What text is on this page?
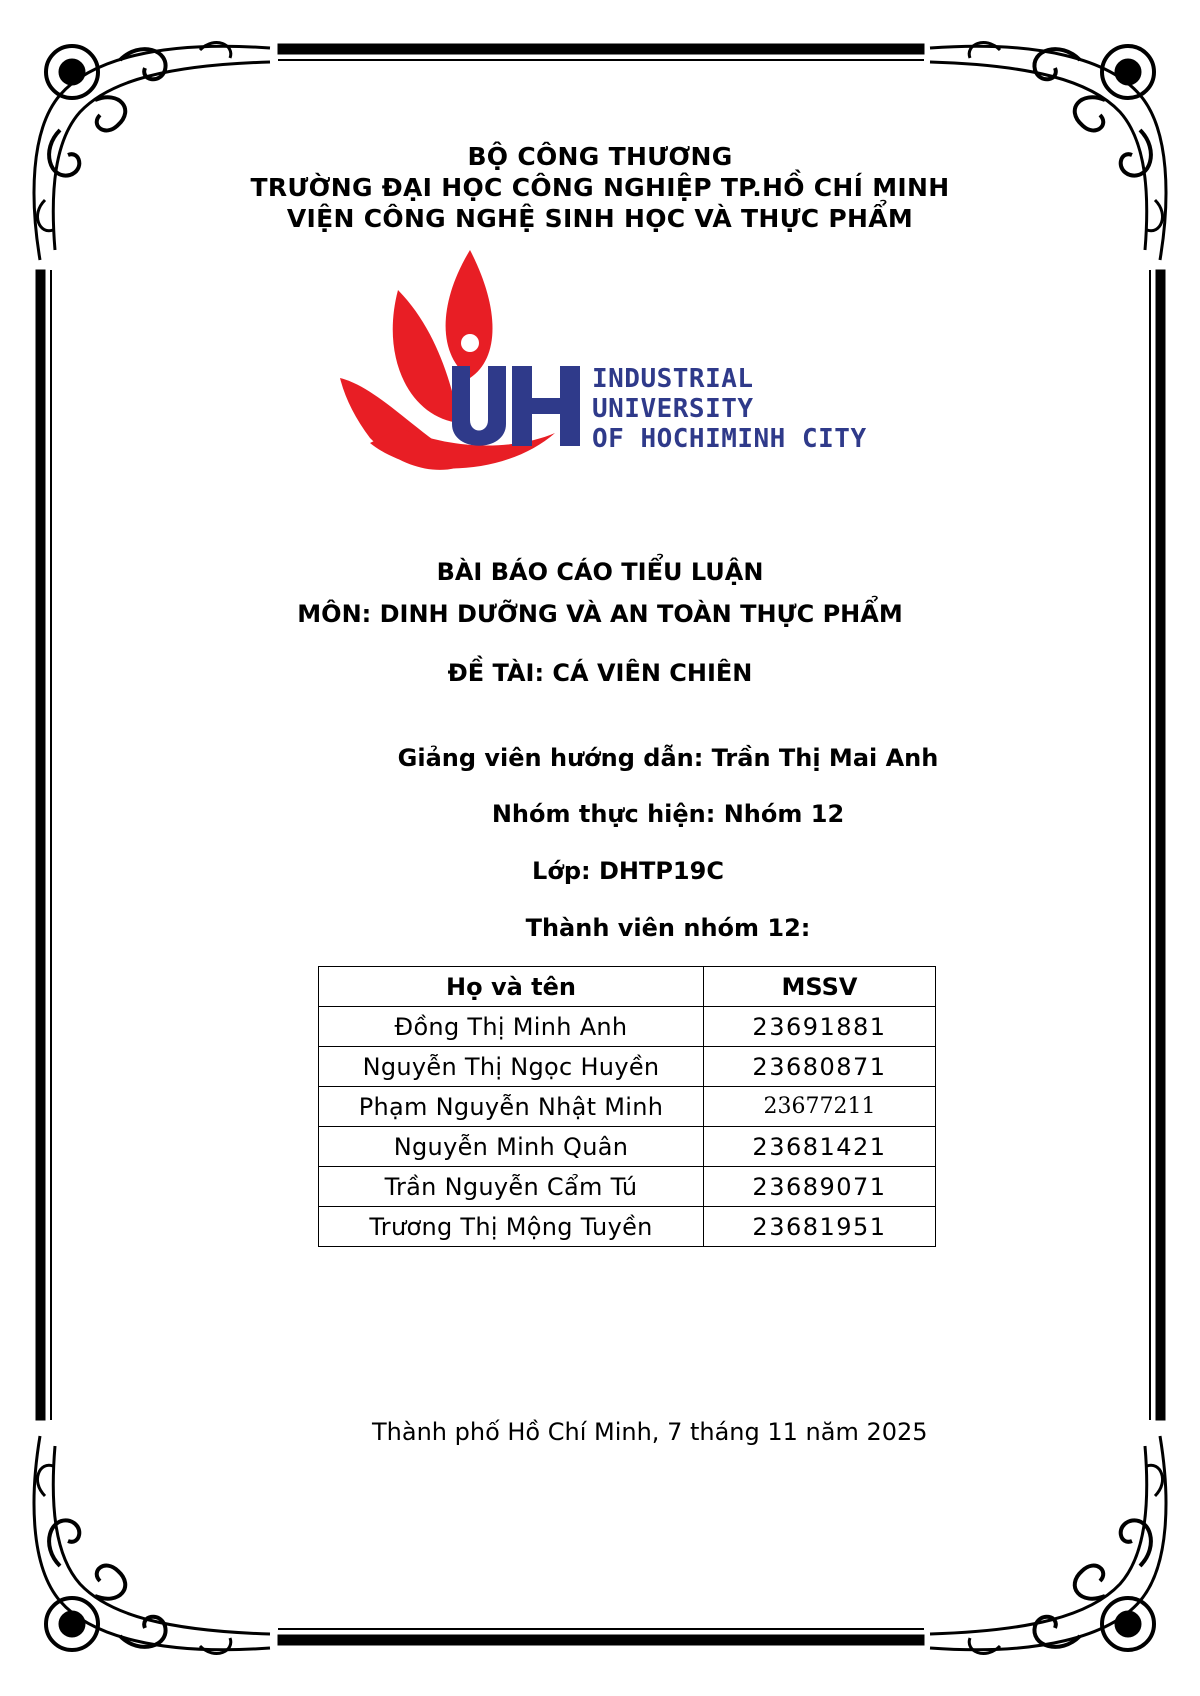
BỘ CÔNG THƯƠNG
TRƯỜNG ĐẠI HỌC CÔNG NGHIỆP TP.HỒ CHÍ MINH
VIỆN CÔNG NGHỆ SINH HỌC VÀ THỰC PHẨM
INDUSTRIAL
UNIVERSITY
OF HOCHIMINH CITY
BÀI BÁO CÁO TIỂU LUẬN
MÔN: DINH DƯỠNG VÀ AN TOÀN THỰC PHẨM
ĐỀ TÀI: CÁ VIÊN CHIÊN
Giảng viên hướng dẫn: Trần Thị Mai Anh
Nhóm thực hiện: Nhóm 12
Lớp: DHTP19C
Thành viên nhóm 12:
Họ và tên	MSSV
Đồng Thị Minh Anh	23691881
Nguyễn Thị Ngọc Huyền	23680871
Phạm Nguyễn Nhật Minh	23677211
Nguyễn Minh Quân	23681421
Trần Nguyễn Cẩm Tú	23689071
Trương Thị Mộng Tuyền	23681951
Thành phố Hồ Chí Minh, 7 tháng 11 năm 2025
